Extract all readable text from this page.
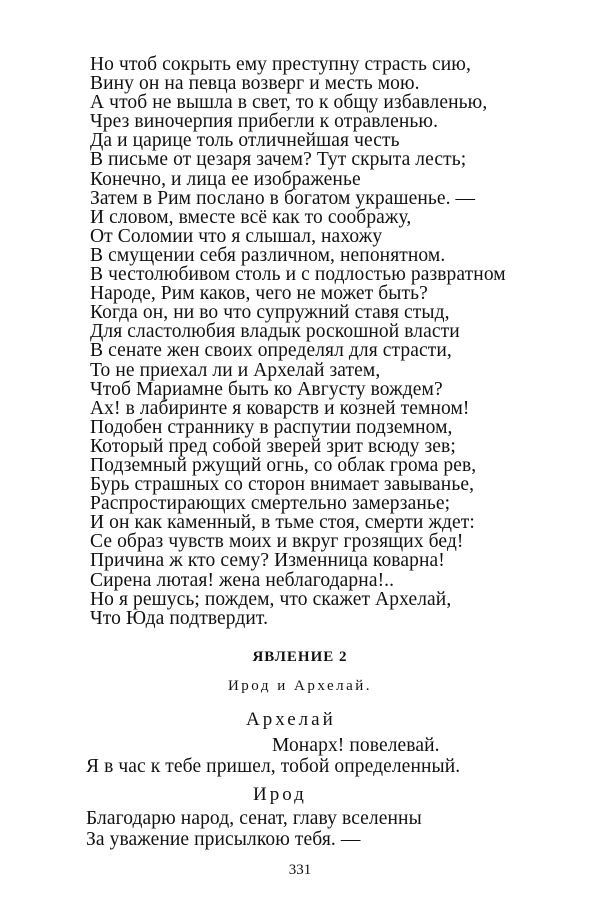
Но чтоб сокрыть ему преступну страсть сию,
Вину он на певца возверг и месть мою.
А чтоб не вышла в свет, то к общу избавленью,
Чрез виночерпия прибегли к отравленью.
Да и царице толь отличнейшая честь
В письме от цезаря зачем? Тут скрыта лесть;
Конечно, и лица ее изображенье
Затем в Рим послано в богатом украшенье. —
И словом, вместе всё как то соображу,
От Соломии что я слышал, нахожу
В смущении себя различном, непонятном.
В честолюбивом столь и с подлостью развратном
Народе, Рим каков, чего не может быть?
Когда он, ни во что супружний ставя стыд,
Для сластолюбия владык роскошной власти
В сенате жен своих определял для страсти,
То не приехал ли и Архелай затем,
Чтоб Мариамне быть ко Августу вождем?
Ах! в лабиринте я коварств и козней темном!
Подобен страннику в распутии подземном,
Который пред собой зверей зрит всюду зев;
Подземный ржущий огнь, со облак грома рев,
Бурь страшных со сторон внимает завыванье,
Распростирающих смертельно замерзанье;
И он как каменный, в тьме стоя, смерти ждет:
Се образ чувств моих и вкруг грозящих бед!
Причина ж кто сему? Изменница коварна!
Сирена лютая! жена неблагодарна!..
Но я решусь; пождем, что скажет Архелай,
Что Юда подтвердит.
ЯВЛЕНИЕ 2
Ирод и Архелай.
Архелай
Монарх! повелевай.
Я в час к тебе пришел, тобой определенный.
Ирод
Благодарю народ, сенат, главу вселенны
За уважение присылкою тебя. —
331
